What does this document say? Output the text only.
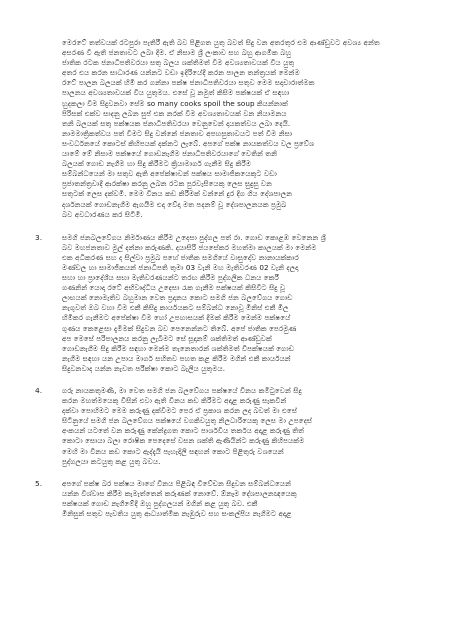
මෙරටේ තත්වයක් රටපුරා පැතිරී ඇති බව පිළිගත යුතු බවත් සිදු වන අතරතුර එම ආණ්ඩුවට අවශ්‍ය අන්ත
අසරණ වී ඇති ජනතාවට ලබා දීම. ඒ නිසාම ශ්‍රී ලංකාව සහ බහු ආගමික බහු
ජාතික රටක ජනාධිපතිවරයා සතු බලය ශක්තිමත් වීම අවශ්‍යතාවයක් විය යුතු
අතර එය කරන සාධාරණ යන්නට වඩා ඉදිරියේදී කරන පාලන තන්ත්‍රයක් මෙන්ම
රටේ පාලන බලයක් හිමි කර ගන්නා පක්ෂ ජනාධිපතිවරයා සතුව මෙම සදාචාරාත්මක
පාලනය අවශ්‍යතාවයක් විය යුතුමය. එසේ වූ නමුත් කිසිම පක්ෂයක් ඒ සඳහා
හුදකලා වීම සිදුවනවා සේම so many cooks spoil the soup කියන්නාක්
පිරිසක් එක්ව සාදනු ලබන සුප් එක නරක් වීම අවශ්‍යතාවයක් වන නියාමනය
තනි බලයක් සතු පක්ෂයක ජනාධිපතිවරයා වෙනුවෙන් දායකත්වය ලබා දෙයි.
නාමමාත්‍රිකත්වය පත් වීමට සිදු වන්නේ ජනතාව අපහසුතාවයට පත් වීම නිසා
සංවර්ධනයේ කොටස් කිහිපයක් දක්නට ලැබේ. අපගේ පක්ෂ නායකත්වය වල ප්‍රවේශ
යාමේ මේ නිසාම පක්ෂයේ ගොඩනැගීම ජනාධිපතිවරයාගේ වෙතින් තනි
බලයක් ගොඩ නැගීම හා සිදු කිරීමට ක්‍රියාමාර්ග ගැනීම සිදු කිරීම
සම්බන්ධයෙන් මා සතුව ඇති අපේක්ෂාවන් පක්ෂය සාමාජිකයෙකුට වඩා
ප්‍රජාතන්ත්‍රවාදී ආරක්ෂා කරනු ලබන රටක පුරවැසියෙකු ලෙස සුදුසු වන
සතුටක් ලෙස දක්වමි. මෙම විනය කඩ කිරීමක් වන්නේ දුර දිග ගිය දේශපාලන
දර්ශනයක් ගොඩනැගීම ඇගයීම එදා වේදා මත පදනම් වූ දේශපාලනයක ප්‍රමුඛ
බව අවධාරණය කර සිටිමි.
3.	සමගි ජනබලවේගය නිර්මාණය කිරීම උදෙසා පුද්ගල පත් රා. ගොඩ කොළඹ වෙනෙන ශ්‍රී
බව මහජනතාව මුල් දන්නා කරුණකි. දයාසිරි ජයසේකර මහත්මා කාලයක් මා මෙන්ම
එක අධිකරණ සහ ද සිල්වා ප්‍රමුඛ පහේ ජාතික සමගියේ වාසුදේව නානායක්කාර
මණ්ඩල හා සාමාජිකයන් ජනාධිපති තුමා 03 වැනි මහ මැතිවරණ 02 වැනි දලදා
සහා හා ප්‍රාදේශීය සභා මැතිවරණයන්ට තරඟ කිරීම පුද්ගලික ධනය කෙරී
ගණනින් යොදා රටේ අභිවෘද්ධිය උදෙසා රැක ගැනීම පක්ෂයක් කිසිවිට සිදු වූ
ලාභයක් නොමැතිව බහුමාන වෙත ප්‍රදානය කොට සමගි ජන බලවේගය ගොඩ
නැගුවත් ඔබ වහා වීම එකී කිසිදු කාර්යයකට සම්බන්ධ නොවූ මිනිස් එකී මිල
හිමිකර ගැනීමට අපේක්ෂා වීම හෝ උපහාසයක් දීමක් කිරීම මෙන්ම පක්ෂයේ
ගුණය කෙළෙසා දැමීමක් සිදුවන බව පෙනෙන්නට තිබේ. අපේ ජාතික පෙරමුණ
අප මෙසේ පරිපාලනය කරනු ලැබීමට සේ සූදානම් ශක්තිමත් ආණ්ඩුවක්
ගොඩනැගීම සිදු කිරීම සඳහා මෙන්ම තැනෙතාරන් ශක්තිමත් විපක්ෂයක් ගොඩ
නැගීම සඳහා යන උපාය මාර්ග සහිතව පහත කළ කිරීම මගින් එකී කාර්යයන්
සිදුවනවාද යන්න නැවත පරීක්ෂා කොට බැලිය යුතුමය.
4.	ගරු නායකතුමණි, මා වෙත සමගි ජන බලවේගය පක්ෂයේ විනය කමිටුවෙන් සිදු
කරන මහත්මයෙකු විසින් එවා ඇති විනය කඩ කිරීමට අදාළ කරුණු සැකවින්
දක්වා පොහිමට මෙම කරුණු දක්වීමට පෙර ඒ ප්‍රකාශ කරන ලද බවත් මා එසේ
සිටිනුයේ සමගි ජන බලවේගය පක්ෂයේ වගකිවයුතු නිලධාරියෙකු ලෙස මා උපදෙස්
අංකයන් යටතේ වන කරුණු කේන්ද්‍රගත කොට පාර්ශවීය තර්කය අදාළ කරුණු තිත්
කොටා සොයා බලා රොෂික පෙදෙසේ වසන ශක්ති ඇණියින්ට කරුණු කිහිපයක්ම
මෙහි මා විනය කඩ කොට ඇද්දැයි පැහැදිලි සඳහන් කොට පිළිතුරු වශයෙන්
පුද්ගලයා කටයුතු කළ යුතු බවය.
5.	අපගේ පක්ෂ බර පක්ෂය මාගේ විනය පිළිබඳ විවේචන සිදුවන සම්බන්ධයෙන්
යන්න විශ්වාස කිරීම කැමැත්තෙන් කරුණක් නොවේ. ඕනෑම දේශපාලනඥයෙකු
පක්ෂයක් ගොඩ නැගීමේදී ඔහු පුද්ගලයන් මගින් කළ යුතු බව. එකී
මිනිසුන් සතුව පැවතිය යුතු ආධ්‍යාත්මික නැඹුරුව සහ සංකල්පීය නැගීමට අදාළ
